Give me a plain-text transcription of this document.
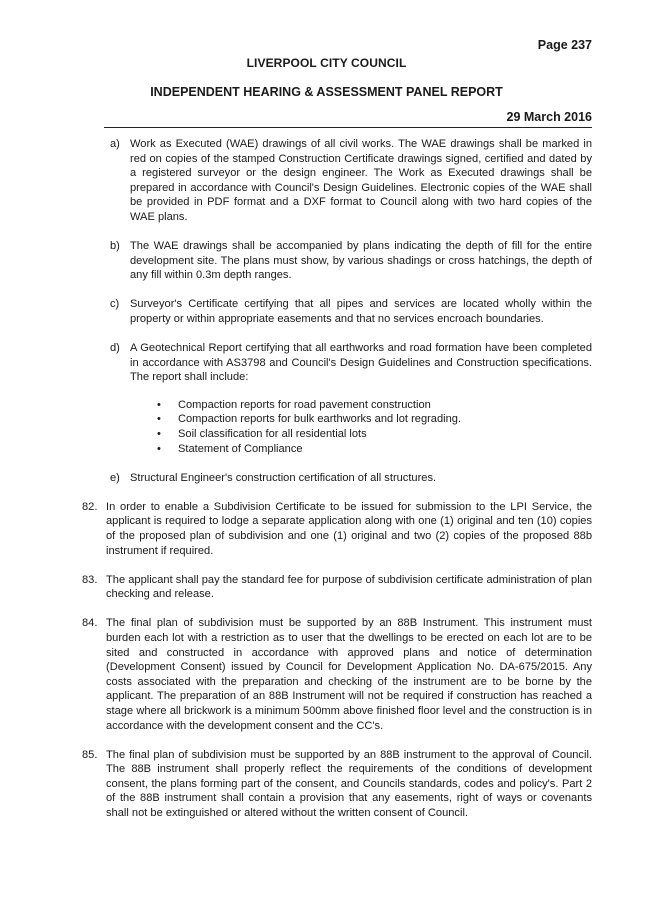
Page 237
LIVERPOOL CITY COUNCIL
INDEPENDENT HEARING & ASSESSMENT PANEL REPORT
29 March 2016
a) Work as Executed (WAE) drawings of all civil works. The WAE drawings shall be marked in red on copies of the stamped Construction Certificate drawings signed, certified and dated by a registered surveyor or the design engineer. The Work as Executed drawings shall be prepared in accordance with Council's Design Guidelines. Electronic copies of the WAE shall be provided in PDF format and a DXF format to Council along with two hard copies of the WAE plans.
b) The WAE drawings shall be accompanied by plans indicating the depth of fill for the entire development site. The plans must show, by various shadings or cross hatchings, the depth of any fill within 0.3m depth ranges.
c) Surveyor's Certificate certifying that all pipes and services are located wholly within the property or within appropriate easements and that no services encroach boundaries.
d) A Geotechnical Report certifying that all earthworks and road formation have been completed in accordance with AS3798 and Council's Design Guidelines and Construction specifications. The report shall include:
• Compaction reports for road pavement construction
• Compaction reports for bulk earthworks and lot regrading.
• Soil classification for all residential lots
• Statement of Compliance
e) Structural Engineer's construction certification of all structures.
82. In order to enable a Subdivision Certificate to be issued for submission to the LPI Service, the applicant is required to lodge a separate application along with one (1) original and ten (10) copies of the proposed plan of subdivision and one (1) original and two (2) copies of the proposed 88b instrument if required.
83. The applicant shall pay the standard fee for purpose of subdivision certificate administration of plan checking and release.
84. The final plan of subdivision must be supported by an 88B Instrument. This instrument must burden each lot with a restriction as to user that the dwellings to be erected on each lot are to be sited and constructed in accordance with approved plans and notice of determination (Development Consent) issued by Council for Development Application No. DA-675/2015. Any costs associated with the preparation and checking of the instrument are to be borne by the applicant. The preparation of an 88B Instrument will not be required if construction has reached a stage where all brickwork is a minimum 500mm above finished floor level and the construction is in accordance with the development consent and the CC's.
85. The final plan of subdivision must be supported by an 88B instrument to the approval of Council. The 88B instrument shall properly reflect the requirements of the conditions of development consent, the plans forming part of the consent, and Councils standards, codes and policy's. Part 2 of the 88B instrument shall contain a provision that any easements, right of ways or covenants shall not be extinguished or altered without the written consent of Council.
